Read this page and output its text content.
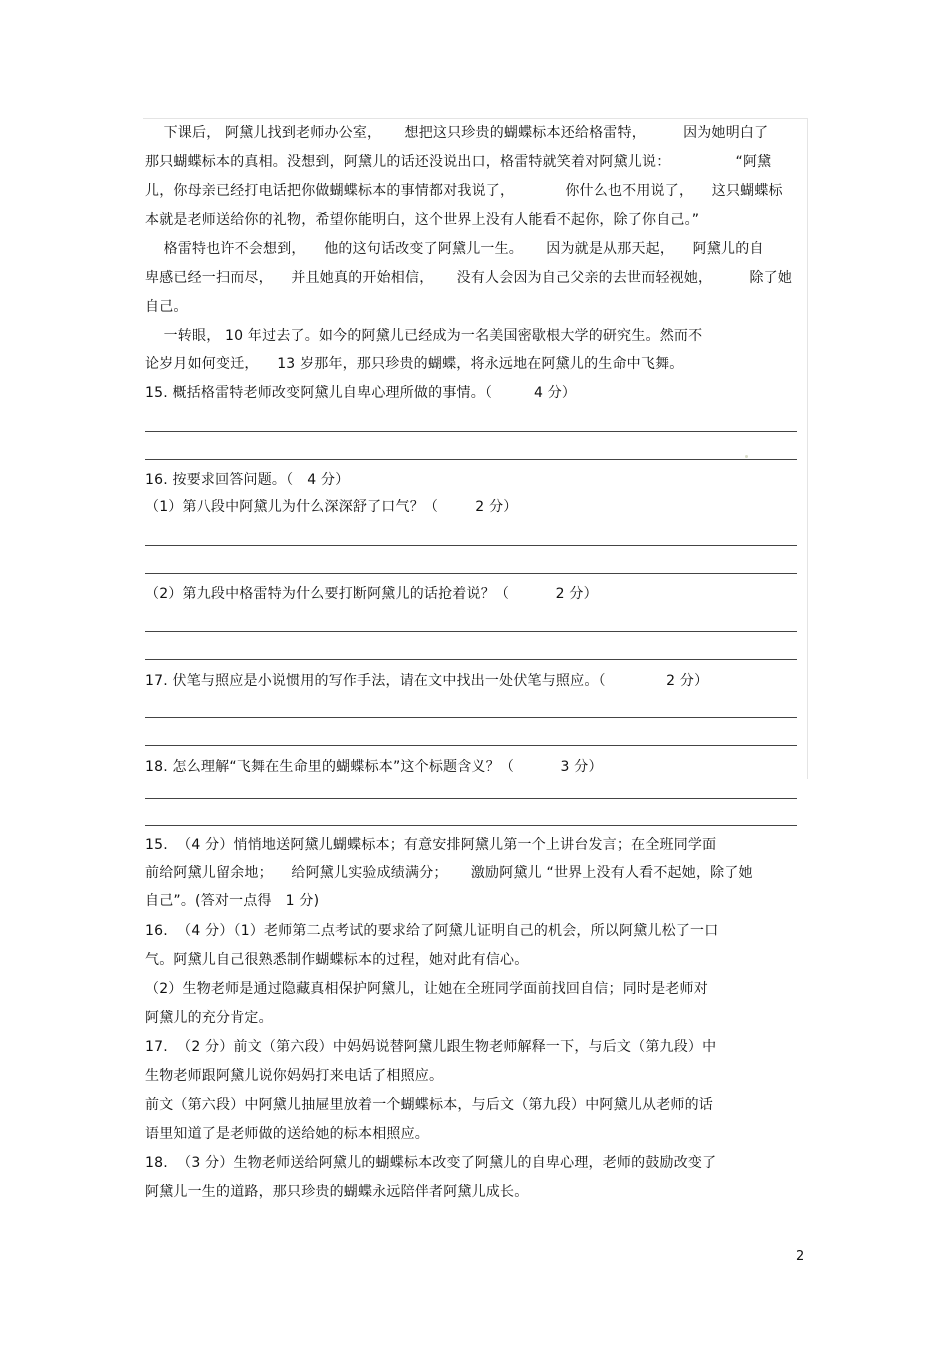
下课后， 阿黛儿找到老师办公室，     想把这只珍贵的蝴蝶标本还给格雷特，        因为她明白了
那只蝴蝶标本的真相。没想到，阿黛儿的话还没说出口，格雷特就笑着对阿黛儿说：              “阿黛
儿，你母亲已经打电话把你做蝴蝶标本的事情都对我说了，           你什么也不用说了，    这只蝴蝶标
本就是老师送给你的礼物，希望你能明白，这个世界上没有人能看不起你，除了你自己。”
格雷特也许不会想到，    他的这句话改变了阿黛儿一生。     因为就是从那天起，    阿黛儿的自
卑感已经一扫而尽，    并且她真的开始相信，     没有人会因为自己父亲的去世而轻视她，        除了她
自己。
一转眼， 10 年过去了。如今的阿黛儿已经成为一名美国密歇根大学的研究生。然而不
论岁月如何变迁，    13 岁那年，那只珍贵的蝴蝶，将永远地在阿黛儿的生命中飞舞。
15. 概括格雷特老师改变阿黛儿自卑心理所做的事情。（         4 分）
16. 按要求回答问题。（   4 分）
（1）第八段中阿黛儿为什么深深舒了口气？（        2 分）
（2）第九段中格雷特为什么要打断阿黛儿的话抢着说？（          2 分）
17. 伏笔与照应是小说惯用的写作手法，请在文中找出一处伏笔与照应。（             2 分）
18. 怎么理解“飞舞在生命里的蝴蝶标本”这个标题含义？（          3 分）
15.  （4 分）悄悄地送阿黛儿蝴蝶标本；有意安排阿黛儿第一个上讲台发言；在全班同学面
前给阿黛儿留余地；    给阿黛儿实验成绩满分；     激励阿黛儿 “世界上没有人看不起她，除了她
自己”。(答对一点得   1 分)
16.  （4 分）（1）老师第二点考试的要求给了阿黛儿证明自己的机会，所以阿黛儿松了一口
气。阿黛儿自己很熟悉制作蝴蝶标本的过程，她对此有信心。
（2）生物老师是通过隐藏真相保护阿黛儿，让她在全班同学面前找回自信；同时是老师对
阿黛儿的充分肯定。
17.  （2 分）前文（第六段）中妈妈说替阿黛儿跟生物老师解释一下，与后文（第九段）中
生物老师跟阿黛儿说你妈妈打来电话了相照应。
前文（第六段）中阿黛儿抽屉里放着一个蝴蝶标本，与后文（第九段）中阿黛儿从老师的话
语里知道了是老师做的送给她的标本相照应。
18.  （3 分）生物老师送给阿黛儿的蝴蝶标本改变了阿黛儿的自卑心理，老师的鼓励改变了
阿黛儿一生的道路，那只珍贵的蝴蝶永远陪伴者阿黛儿成长。
2
